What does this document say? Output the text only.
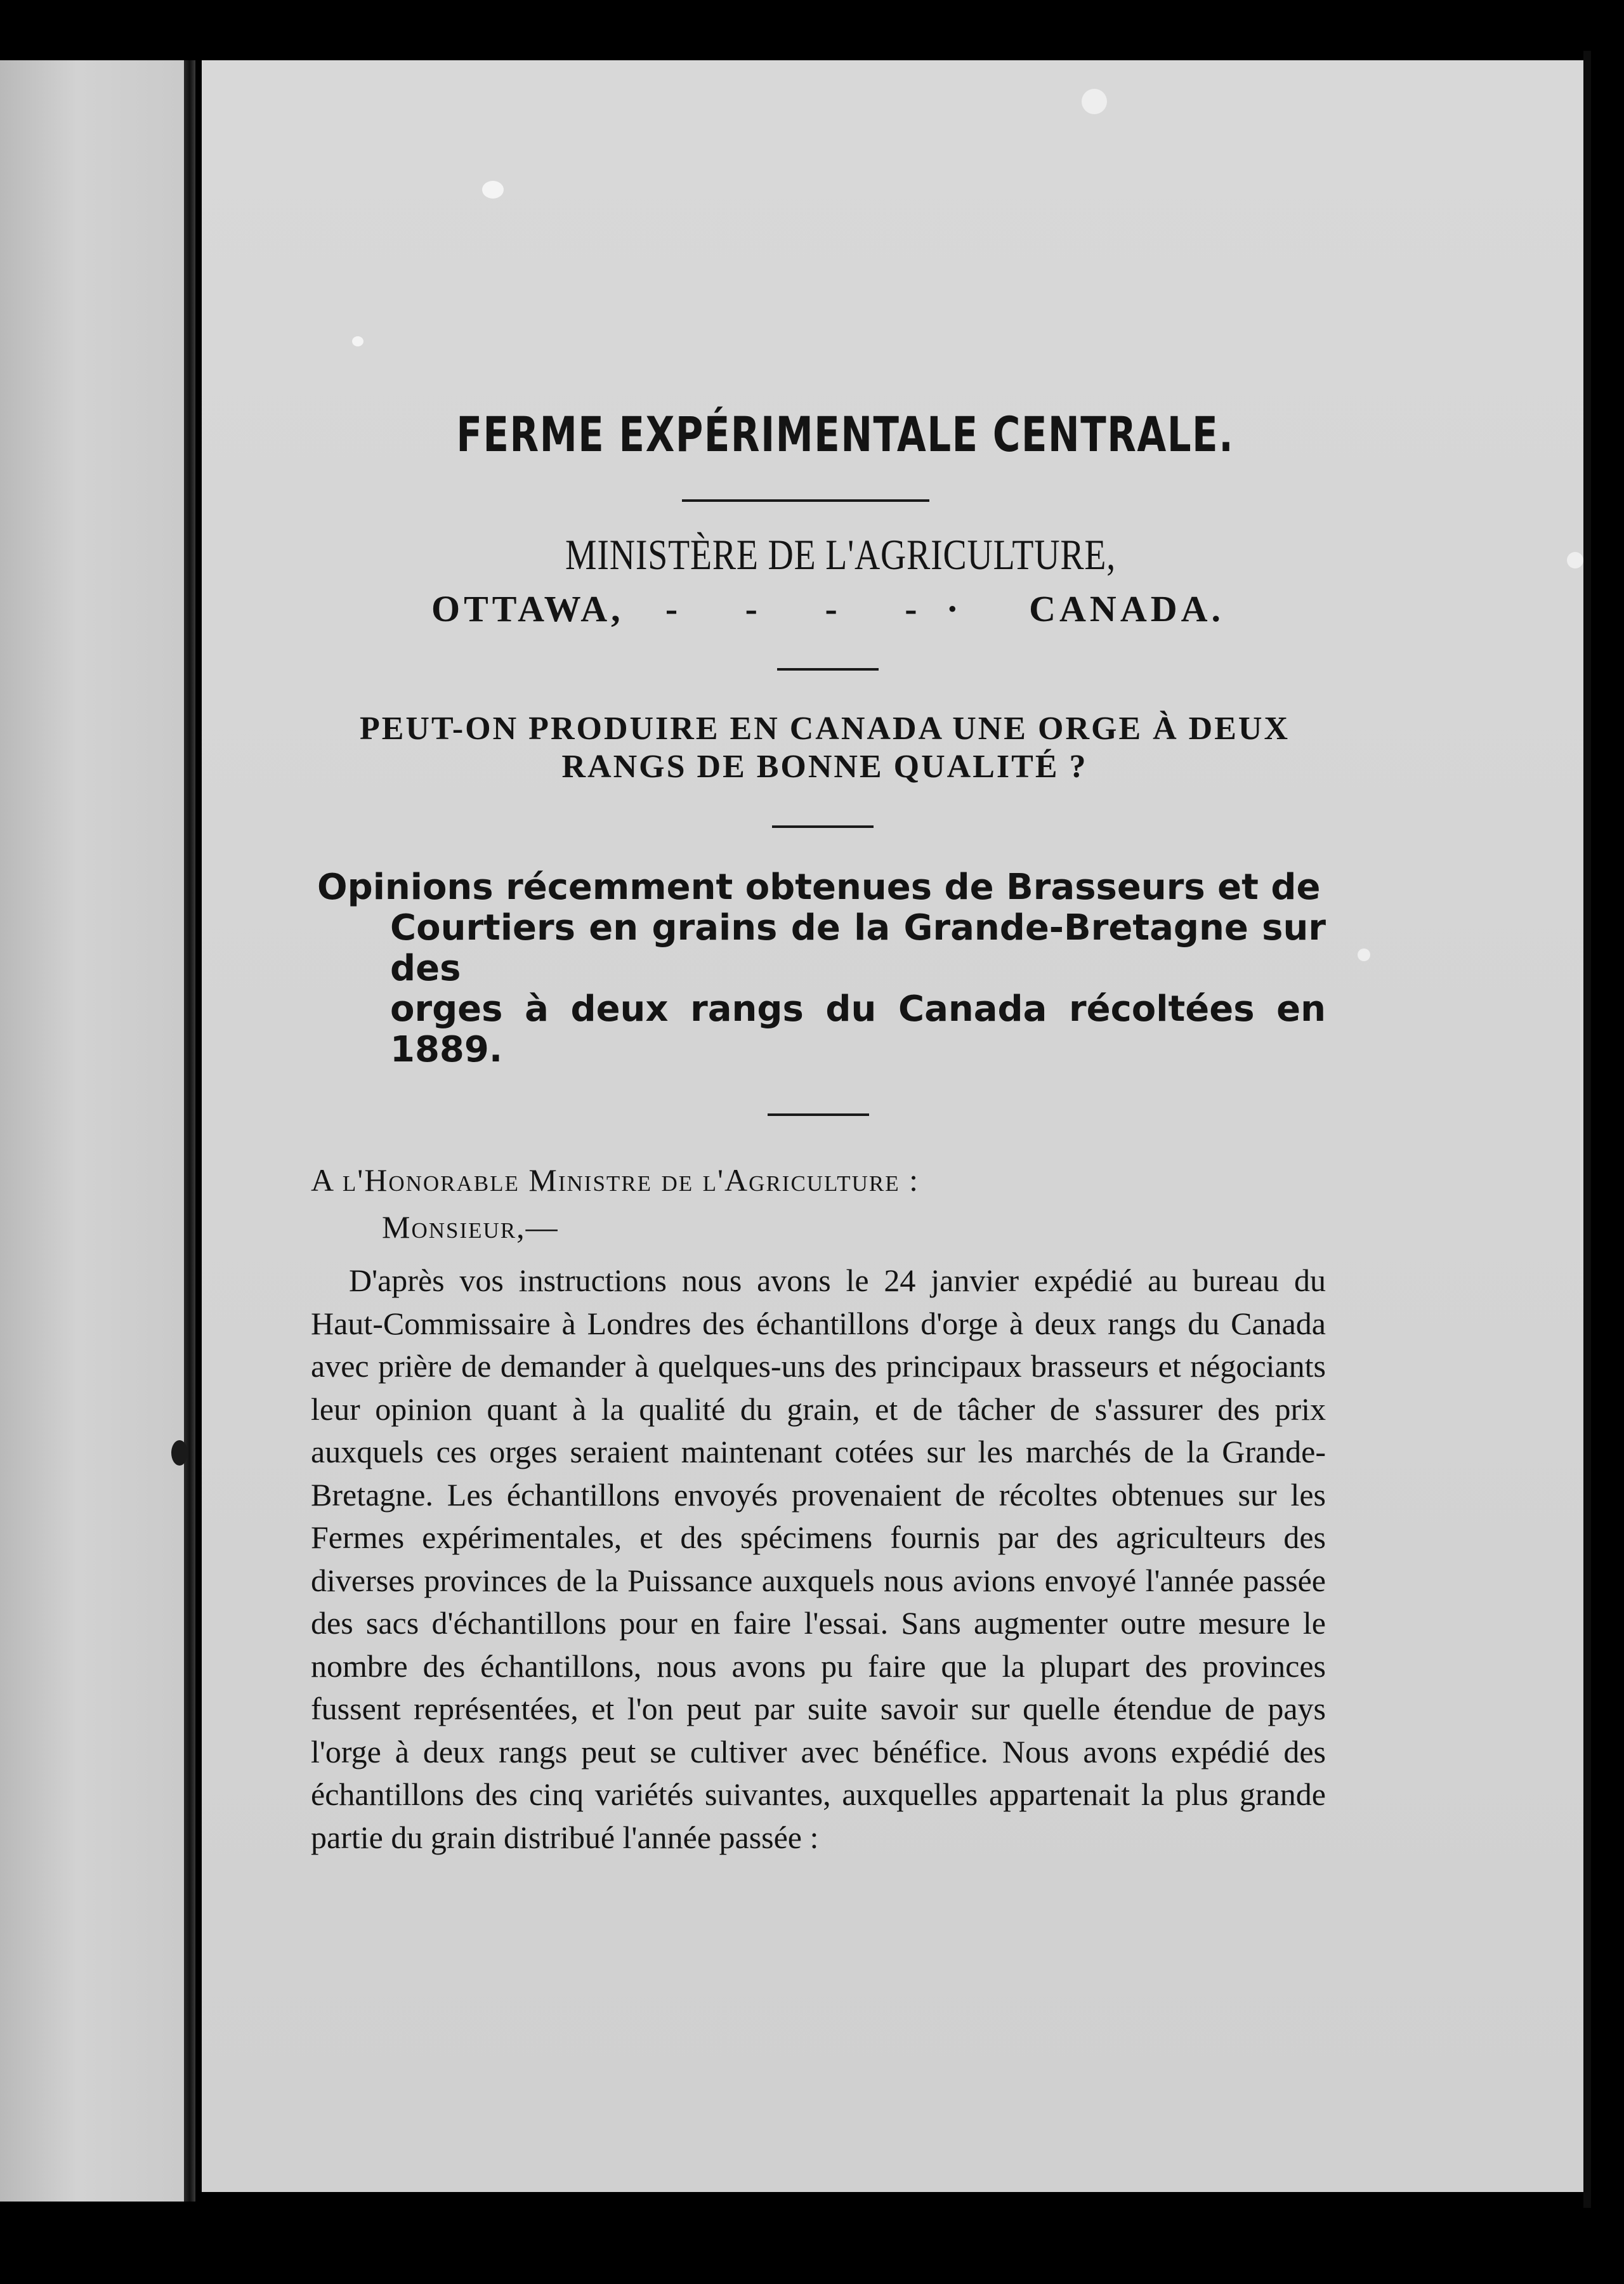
FERME EXPÉRIMENTALE CENTRALE.
MINISTÈRE DE L'AGRICULTURE,
OTTAWA, - - - -· CANADA.
PEUT-ON PRODUIRE EN CANADA UNE ORGE À DEUX RANGS DE BONNE QUALITÉ ?
Opinions récemment obtenues de Brasseurs et de
Courtiers en grains de la Grande-Bretagne sur des
orges à deux rangs du Canada récoltées en 1889.
A l'Honorable Ministre de l'Agriculture :
Monsieur,—

D'après vos instructions nous avons le 24 janvier expédié au bureau du Haut-Commissaire à Londres des échantillons d'orge à deux rangs du Canada avec prière de demander à quelques-uns des principaux brasseurs et négociants leur opinion quant à la qualité du grain, et de tâcher de s'assurer des prix auxquels ces orges seraient maintenant cotées sur les marchés de la Grande-Bretagne. Les échantillons envoyés provenaient de récoltes obtenues sur les Fermes expérimentales, et des spécimens fournis par des agriculteurs des diverses provinces de la Puissance auxquels nous avions envoyé l'année passée des sacs d'échantillons pour en faire l'essai. Sans augmenter outre mesure le nombre des échantillons, nous avons pu faire que la plupart des provinces fussent représentées, et l'on peut par suite savoir sur quelle étendue de pays l'orge à deux rangs peut se cultiver avec bénéfice. Nous avons expédié des échantillons des cinq variétés suivantes, auxquelles appartenait la plus grande partie du grain distribué l'année passée :
